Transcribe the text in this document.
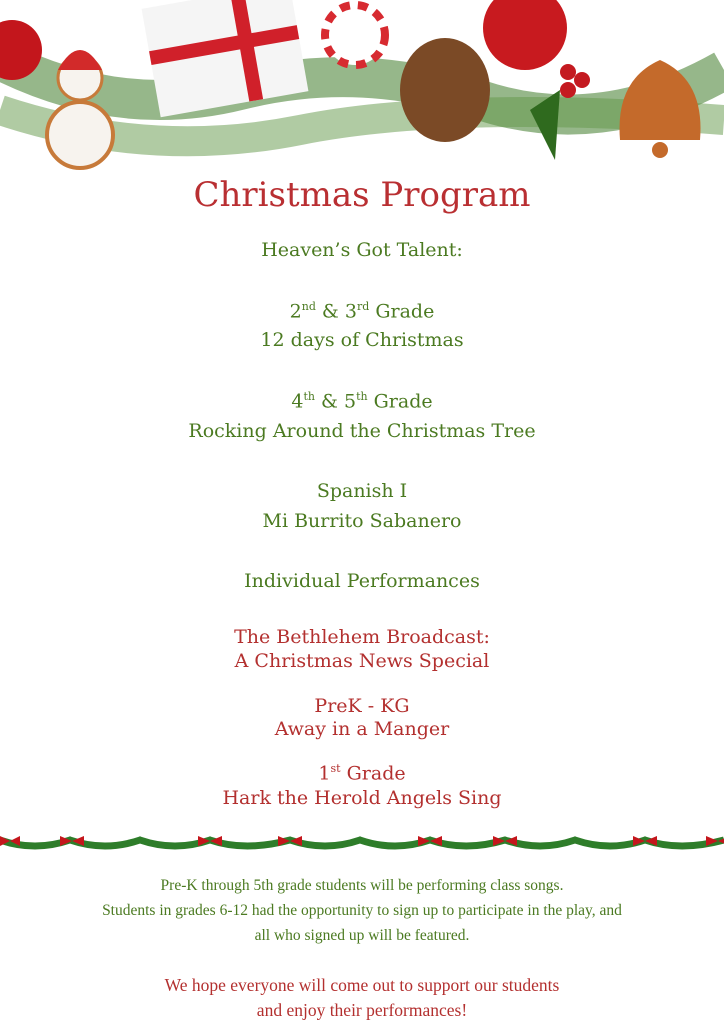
Christmas Program
Heaven’s Got Talent:
2nd & 3rd Grade
12 days of Christmas
4th & 5th Grade
Rocking Around the Christmas Tree
Spanish I
Mi Burrito Sabanero
Individual Performances
The Bethlehem Broadcast:
A Christmas News Special
PreK - KG
Away in a Manger
1st Grade
Hark the Herold Angels Sing
Pre-K through 5th grade students will be performing class songs.
Students in grades 6-12 had the opportunity to sign up to participate in the play, and
all who signed up will be featured.
We hope everyone will come out to support our students
and enjoy their performances!
